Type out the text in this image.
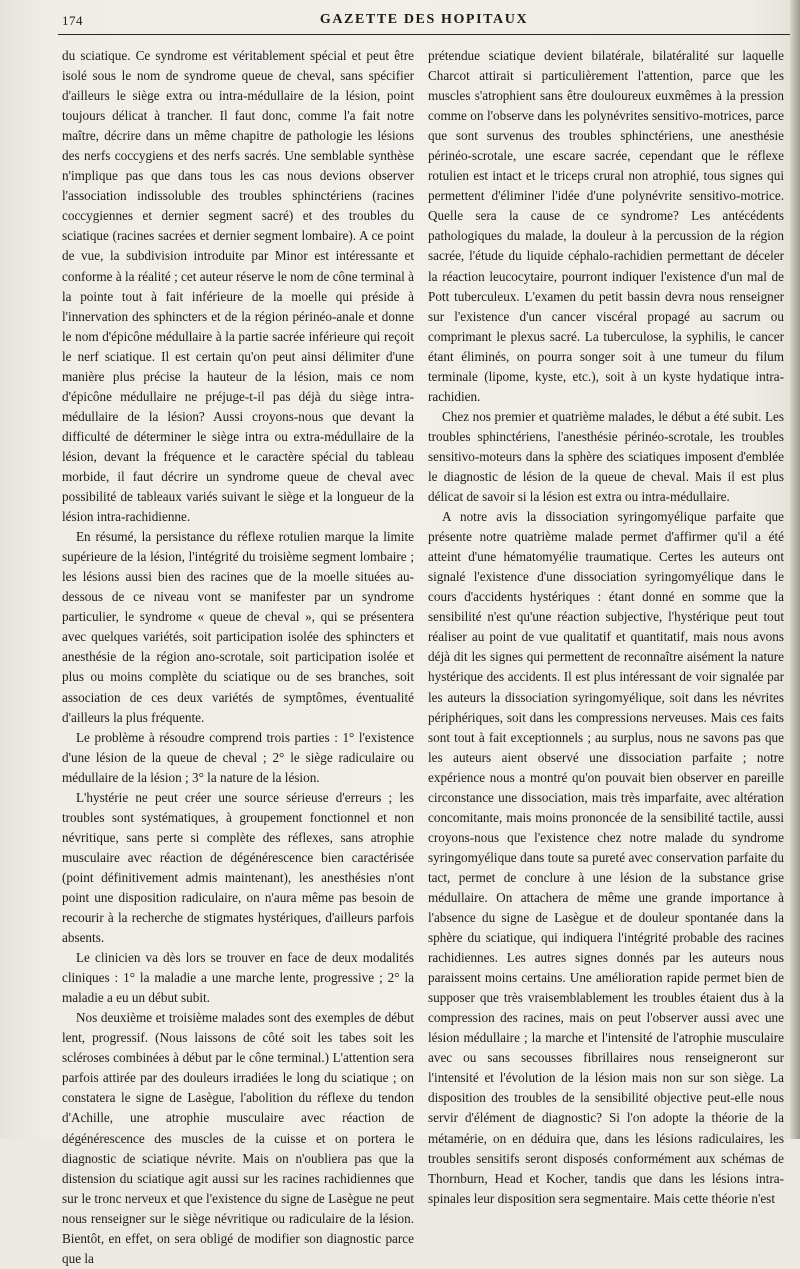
174	GAZETTE DES HOPITAUX

du sciatique. Ce syndrome est véritablement spécial et peut être isolé sous le nom de syndrome queue de cheval, sans spécifier d'ailleurs le siège extra ou intra-médullaire de la lésion, point toujours délicat à trancher. Il faut donc, comme l'a fait notre maître, décrire dans un même chapitre de pathologie les lésions des nerfs coccygiens et des nerfs sacrés. Une semblable synthèse n'implique pas que dans tous les cas nous devions observer l'association indissoluble des troubles sphinctériens (racines coccygiennes et dernier segment sacré) et des troubles du sciatique (racines sacrées et dernier segment lombaire). A ce point de vue, la subdivision introduite par Minor est intéressante et conforme à la réalité ; cet auteur réserve le nom de cône terminal à la pointe tout à fait inférieure de la moelle qui préside à l'innervation des sphincters et de la région périnéo-anale et donne le nom d'épicône médullaire à la partie sacrée inférieure qui reçoit le nerf sciatique. Il est certain qu'on peut ainsi délimiter d'une manière plus précise la hauteur de la lésion, mais ce nom d'épicône médullaire ne préjuge-t-il pas déjà du siège intra-médullaire de la lésion? Aussi croyons-nous que devant la difficulté de déterminer le siège intra ou extra-médullaire de la lésion, devant la fréquence et le caractère spécial du tableau morbide, il faut décrire un syndrome queue de cheval avec possibilité de tableaux variés suivant le siège et la longueur de la lésion intra-rachidienne.

En résumé, la persistance du réflexe rotulien marque la limite supérieure de la lésion, l'intégrité du troisième segment lombaire ; les lésions aussi bien des racines que de la moelle situées au-dessous de ce niveau vont se manifester par un syndrome particulier, le syndrome « queue de cheval », qui se présentera avec quelques variétés, soit participation isolée des sphincters et anesthésie de la région ano-scrotale, soit participation isolée et plus ou moins complète du sciatique ou de ses branches, soit association de ces deux variétés de symptômes, éventualité d'ailleurs la plus fréquente.

Le problème à résoudre comprend trois parties : 1° l'existence d'une lésion de la queue de cheval ; 2° le siège radiculaire ou médullaire de la lésion ; 3° la nature de la lésion.

L'hystérie ne peut créer une source sérieuse d'erreurs ; les troubles sont systématiques, à groupement fonctionnel et non névritique, sans perte si complète des réflexes, sans atrophie musculaire avec réaction de dégénérescence bien caractérisée (point définitivement admis maintenant), les anesthésies n'ont point une disposition radiculaire, on n'aura même pas besoin de recourir à la recherche de stigmates hystériques, d'ailleurs parfois absents.

Le clinicien va dès lors se trouver en face de deux modalités cliniques : 1° la maladie a une marche lente, progressive ; 2° la maladie a eu un début subit.

Nos deuxième et troisième malades sont des exemples de début lent, progressif. (Nous laissons de côté soit les tabes soit les scléroses combinées à début par le cône terminal.) L'attention sera parfois attirée par des douleurs irradiées le long du sciatique ; on constatera le signe de Lasègue, l'abolition du réflexe du tendon d'Achille, une atrophie musculaire avec réaction de dégénérescence des muscles de la cuisse et on portera le diagnostic de sciatique névrite. Mais on n'oubliera pas que la distension du sciatique agit aussi sur les racines rachidiennes que sur le tronc nerveux et que l'existence du signe de Lasègue ne peut nous renseigner sur le siège névritique ou radiculaire de la lésion. Bientôt, en effet, on sera obligé de modifier son diagnostic parce que la

prétendue sciatique devient bilatérale, bilatéralité sur laquelle Charcot attirait si particulièrement l'attention, parce que les muscles s'atrophient sans être douloureux euxmêmes à la pression comme on l'observe dans les polynévrites sensitivo-motrices, parce que sont survenus des troubles sphinctériens, une anesthésie périnéo-scrotale, une escare sacrée, cependant que le réflexe rotulien est intact et le triceps crural non atrophié, tous signes qui permettent d'éliminer l'idée d'une polynévrite sensitivo-motrice. Quelle sera la cause de ce syndrome? Les antécédents pathologiques du malade, la douleur à la percussion de la région sacrée, l'étude du liquide céphalo-rachidien permettant de déceler la réaction leucocytaire, pourront indiquer l'existence d'un mal de Pott tuberculeux. L'examen du petit bassin devra nous renseigner sur l'existence d'un cancer viscéral propagé au sacrum ou comprimant le plexus sacré. La tuberculose, la syphilis, le cancer étant éliminés, on pourra songer soit à une tumeur du filum terminale (lipome, kyste, etc.), soit à un kyste hydatique intra-rachidien.

Chez nos premier et quatrième malades, le début a été subit. Les troubles sphinctériens, l'anesthésie périnéo-scrotale, les troubles sensitivo-moteurs dans la sphère des sciatiques imposent d'emblée le diagnostic de lésion de la queue de cheval. Mais il est plus délicat de savoir si la lésion est extra ou intra-médullaire.

A notre avis la dissociation syringomyélique parfaite que présente notre quatrième malade permet d'affirmer qu'il a été atteint d'une hématomyélie traumatique. Certes les auteurs ont signalé l'existence d'une dissociation syringomyélique dans le cours d'accidents hystériques : étant donné en somme que la sensibilité n'est qu'une réaction subjective, l'hystérique peut tout réaliser au point de vue qualitatif et quantitatif, mais nous avons déjà dit les signes qui permettent de reconnaître aisément la nature hystérique des accidents. Il est plus intéressant de voir signalée par les auteurs la dissociation syringomyélique, soit dans les névrites périphériques, soit dans les compressions nerveuses. Mais ces faits sont tout à fait exceptionnels ; au surplus, nous ne savons pas que les auteurs aient observé une dissociation parfaite ; notre expérience nous a montré qu'on pouvait bien observer en pareille circonstance une dissociation, mais très imparfaite, avec altération concomitante, mais moins prononcée de la sensibilité tactile, aussi croyons-nous que l'existence chez notre malade du syndrome syringomyélique dans toute sa pureté avec conservation parfaite du tact, permet de conclure à une lésion de la substance grise médullaire. On attachera de même une grande importance à l'absence du signe de Lasègue et de douleur spontanée dans la sphère du sciatique, qui indiquera l'intégrité probable des racines rachidiennes. Les autres signes donnés par les auteurs nous paraissent moins certains. Une amélioration rapide permet bien de supposer que très vraisemblablement les troubles étaient dus à la compression des racines, mais on peut l'observer aussi avec une lésion médullaire ; la marche et l'intensité de l'atrophie musculaire avec ou sans secousses fibrillaires nous renseigneront sur l'intensité et l'évolution de la lésion mais non sur son siège. La disposition des troubles de la sensibilité objective peut-elle nous servir d'élément de diagnostic? Si l'on adopte la théorie de la métamérie, on en déduira que, dans les lésions radiculaires, les troubles sensitifs seront disposés conformément aux schémas de Thornburn, Head et Kocher, tandis que dans les lésions intra-spinales leur disposition sera segmentaire. Mais cette théorie n'est
